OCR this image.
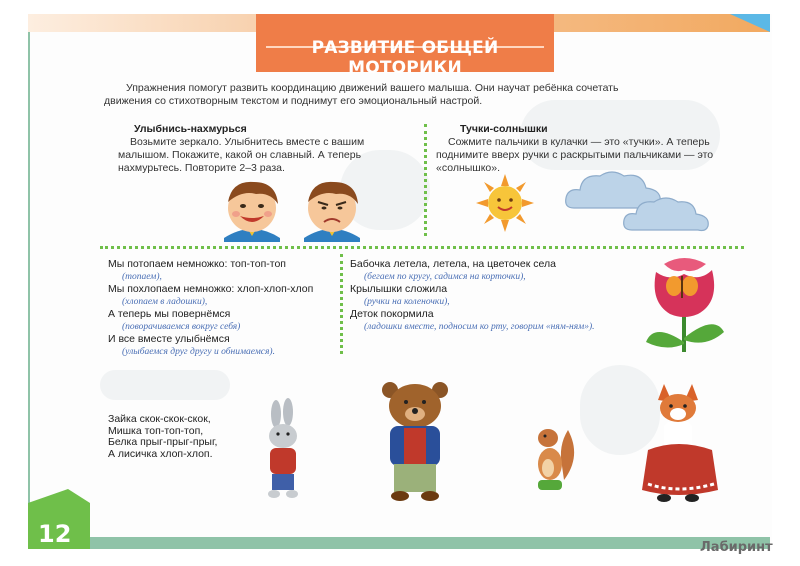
РАЗВИТИЕ ОБЩЕЙ МОТОРИКИ
Упражнения помогут развить координацию движений вашего малыша. Они научат ребёнка сочетать движения со стихотворным текстом и поднимут его эмоциональный настрой.
Улыбнись-нахмурься
Возьмите зеркало. Улыбнитесь вместе с вашим малышом. Покажите, какой он славный. А теперь нахмурьтесь. Повторите 2–3 раза.
Тучки-солнышки
Сожмите пальчики в кулачки — это «тучки». А теперь поднимите вверх ручки с раскрытыми пальчиками — это «солнышко».
Мы потопаем немножко: топ-топ-топ
(топаем),
Мы похлопаем немножко: хлоп-хлоп-хлоп
(хлопаем в ладошки),
А теперь мы повернёмся
(поворачиваемся вокруг себя)
И все вместе улыбнёмся
(улыбаемся друг другу и обнимаемся).
Бабочка летела, летела, на цветочек села
(бегаем по кругу, садимся на корточки),
Крылышки сложила
(ручки на коленочки),
Деток покормила
(ладошки вместе, подносим ко рту, говорим «ням-ням»).
Зайка скок-скок-скок,
Мишка топ-топ-топ,
Белка прыг-прыг-прыг,
А лисичка хлоп-хлоп.
12	Лабиринт
